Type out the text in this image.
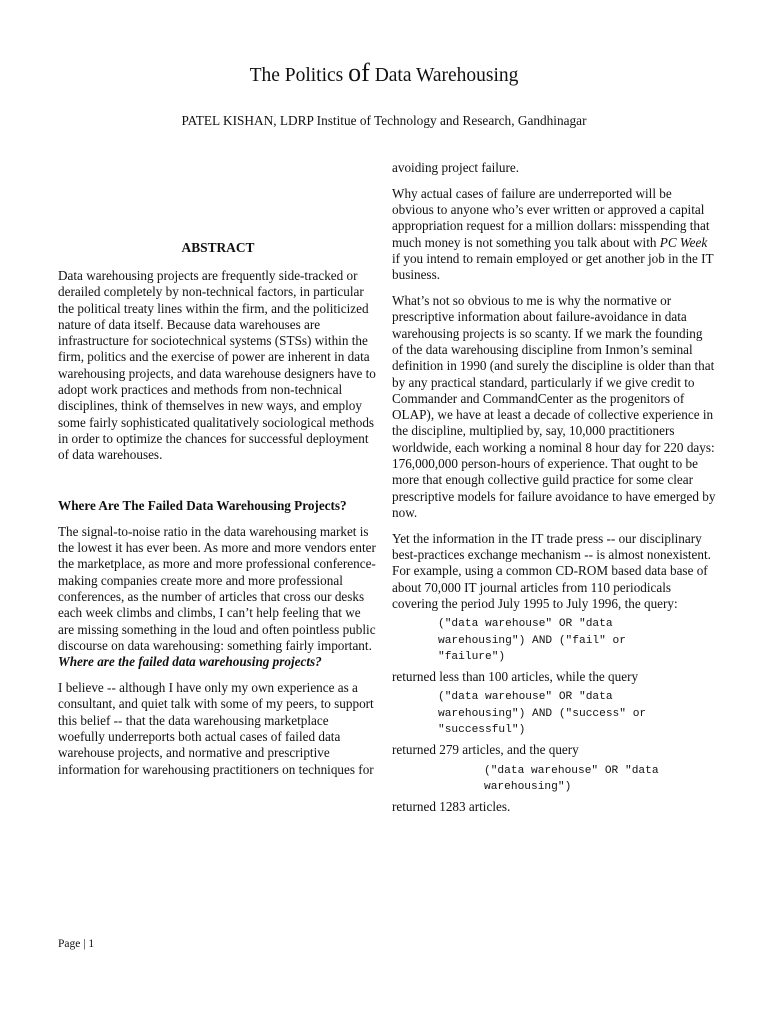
The Politics of Data Warehousing

PATEL KISHAN, LDRP Institue of Technology and Research, Gandhinagar

ABSTRACT

Data warehousing projects are frequently side-tracked or derailed completely by non-technical factors, in particular the political treaty lines within the firm, and the politicized nature of data itself. Because data warehouses are infrastructure for sociotechnical systems (STSs) within the firm, politics and the exercise of power are inherent in data warehousing projects, and data warehouse designers have to adopt work practices and methods from non-technical disciplines, think of themselves in new ways, and employ some fairly sophisticated qualitatively sociological methods in order to optimize the chances for successful deployment of data warehouses.

Where Are The Failed Data Warehousing Projects?

The signal-to-noise ratio in the data warehousing market is the lowest it has ever been. As more and more vendors enter the marketplace, as more and more professional conference-making companies create more and more professional conferences, as the number of articles that cross our desks each week climbs and climbs, I can’t help feeling that we are missing something in the loud and often pointless public discourse on data warehousing: something fairly important. Where are the failed data warehousing projects?

I believe -- although I have only my own experience as a consultant, and quiet talk with some of my peers, to support this belief -- that the data warehousing marketplace woefully underreports both actual cases of failed data warehouse projects, and normative and prescriptive information for warehousing practitioners on techniques for

avoiding project failure.

Why actual cases of failure are underreported will be obvious to anyone who’s ever written or approved a capital appropriation request for a million dollars: misspending that much money is not something you talk about with PC Week if you intend to remain employed or get another job in the IT business.

What’s not so obvious to me is why the normative or prescriptive information about failure-avoidance in data warehousing projects is so scanty. If we mark the founding of the data warehousing discipline from Inmon’s seminal definition in 1990 (and surely the discipline is older than that by any practical standard, particularly if we give credit to Commander and CommandCenter as the progenitors of OLAP), we have at least a decade of collective experience in the discipline, multiplied by, say, 10,000 practitioners worldwide, each working a nominal 8 hour day for 220 days: 176,000,000 person-hours of experience. That ought to be more that enough collective guild practice for some clear prescriptive models for failure avoidance to have emerged by now.

Yet the information in the IT trade press -- our disciplinary best-practices exchange mechanism -- is almost nonexistent. For example, using a common CD-ROM based data base of about 70,000 IT journal articles from 110 periodicals covering the period July 1995 to July 1996, the query:

("data warehouse" OR "data warehousing") AND ("fail" or "failure")

returned less than 100 articles, while the query

("data warehouse" OR "data warehousing") AND ("success" or "successful")

returned 279 articles, and the query

("data warehouse" OR "data warehousing")

returned 1283 articles.

Page | 1
